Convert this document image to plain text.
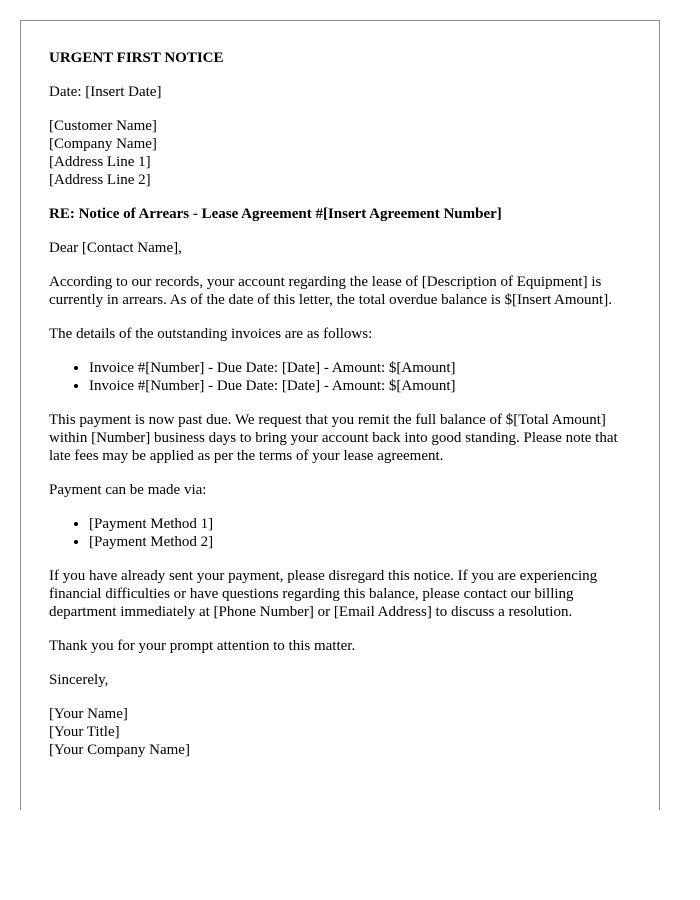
URGENT FIRST NOTICE

Date: [Insert Date]

[Customer Name]
[Company Name]
[Address Line 1]
[Address Line 2]

RE: Notice of Arrears - Lease Agreement #[Insert Agreement Number]

Dear [Contact Name],

According to our records, your account regarding the lease of [Description of Equipment] is currently in arrears. As of the date of this letter, the total overdue balance is $[Insert Amount].

The details of the outstanding invoices are as follows:

• Invoice #[Number] - Due Date: [Date] - Amount: $[Amount]
• Invoice #[Number] - Due Date: [Date] - Amount: $[Amount]

This payment is now past due. We request that you remit the full balance of $[Total Amount] within [Number] business days to bring your account back into good standing. Please note that late fees may be applied as per the terms of your lease agreement.

Payment can be made via:

• [Payment Method 1]
• [Payment Method 2]

If you have already sent your payment, please disregard this notice. If you are experiencing financial difficulties or have questions regarding this balance, please contact our billing department immediately at [Phone Number] or [Email Address] to discuss a resolution.

Thank you for your prompt attention to this matter.

Sincerely,

[Your Name]
[Your Title]
[Your Company Name]
